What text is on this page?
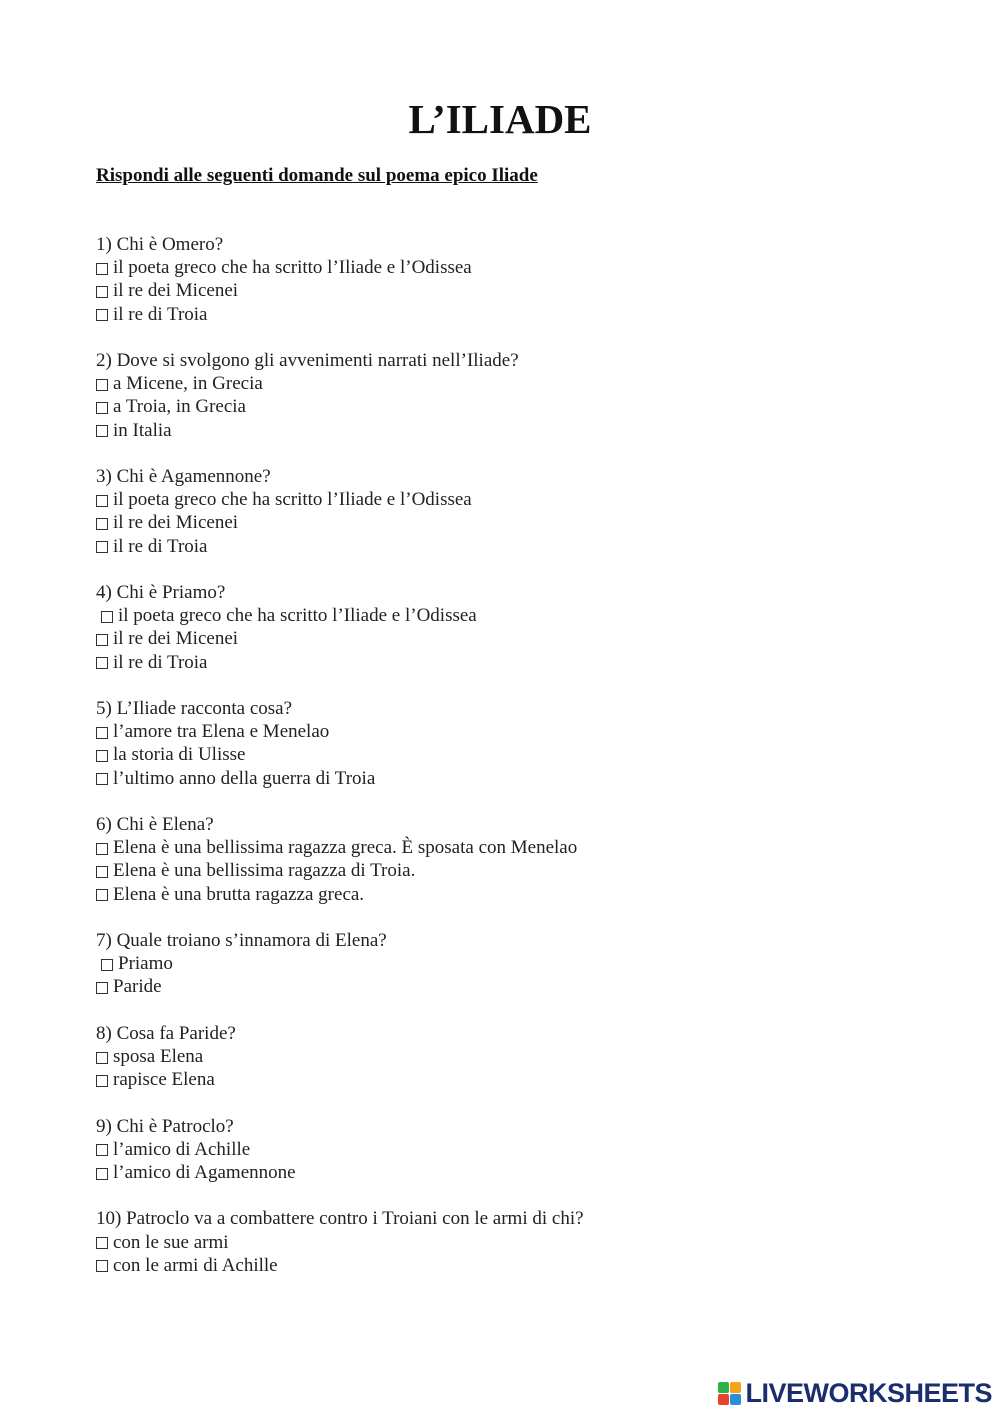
L’ILIADE

Rispondi alle seguenti domande sul poema epico Iliade

1) Chi è Omero?
il poeta greco che ha scritto l’Iliade e l’Odissea
il re dei Micenei
il re di Troia
2) Dove si svolgono gli avvenimenti narrati nell’Iliade?
a Micene, in Grecia
a Troia, in Grecia
in Italia
3) Chi è Agamennone?
il poeta greco che ha scritto l’Iliade e l’Odissea
il re dei Micenei
il re di Troia
4) Chi è Priamo?
il poeta greco che ha scritto l’Iliade e l’Odissea
il re dei Micenei
il re di Troia
5) L’Iliade racconta cosa?
l’amore tra Elena e Menelao
la storia di Ulisse
l’ultimo anno della guerra di Troia
6) Chi è Elena?
Elena è una bellissima ragazza greca. È sposata con Menelao
Elena è una bellissima ragazza di Troia.
Elena è una brutta ragazza greca.
7) Quale troiano s’innamora di Elena?
Priamo
Paride
8) Cosa fa Paride?
sposa Elena
rapisce Elena
9) Chi è Patroclo?
l’amico di Achille
l’amico di Agamennone
10) Patroclo va a combattere contro i Troiani con le armi di chi?
con le sue armi
con le armi di Achille
LIVEWORKSHEETS
